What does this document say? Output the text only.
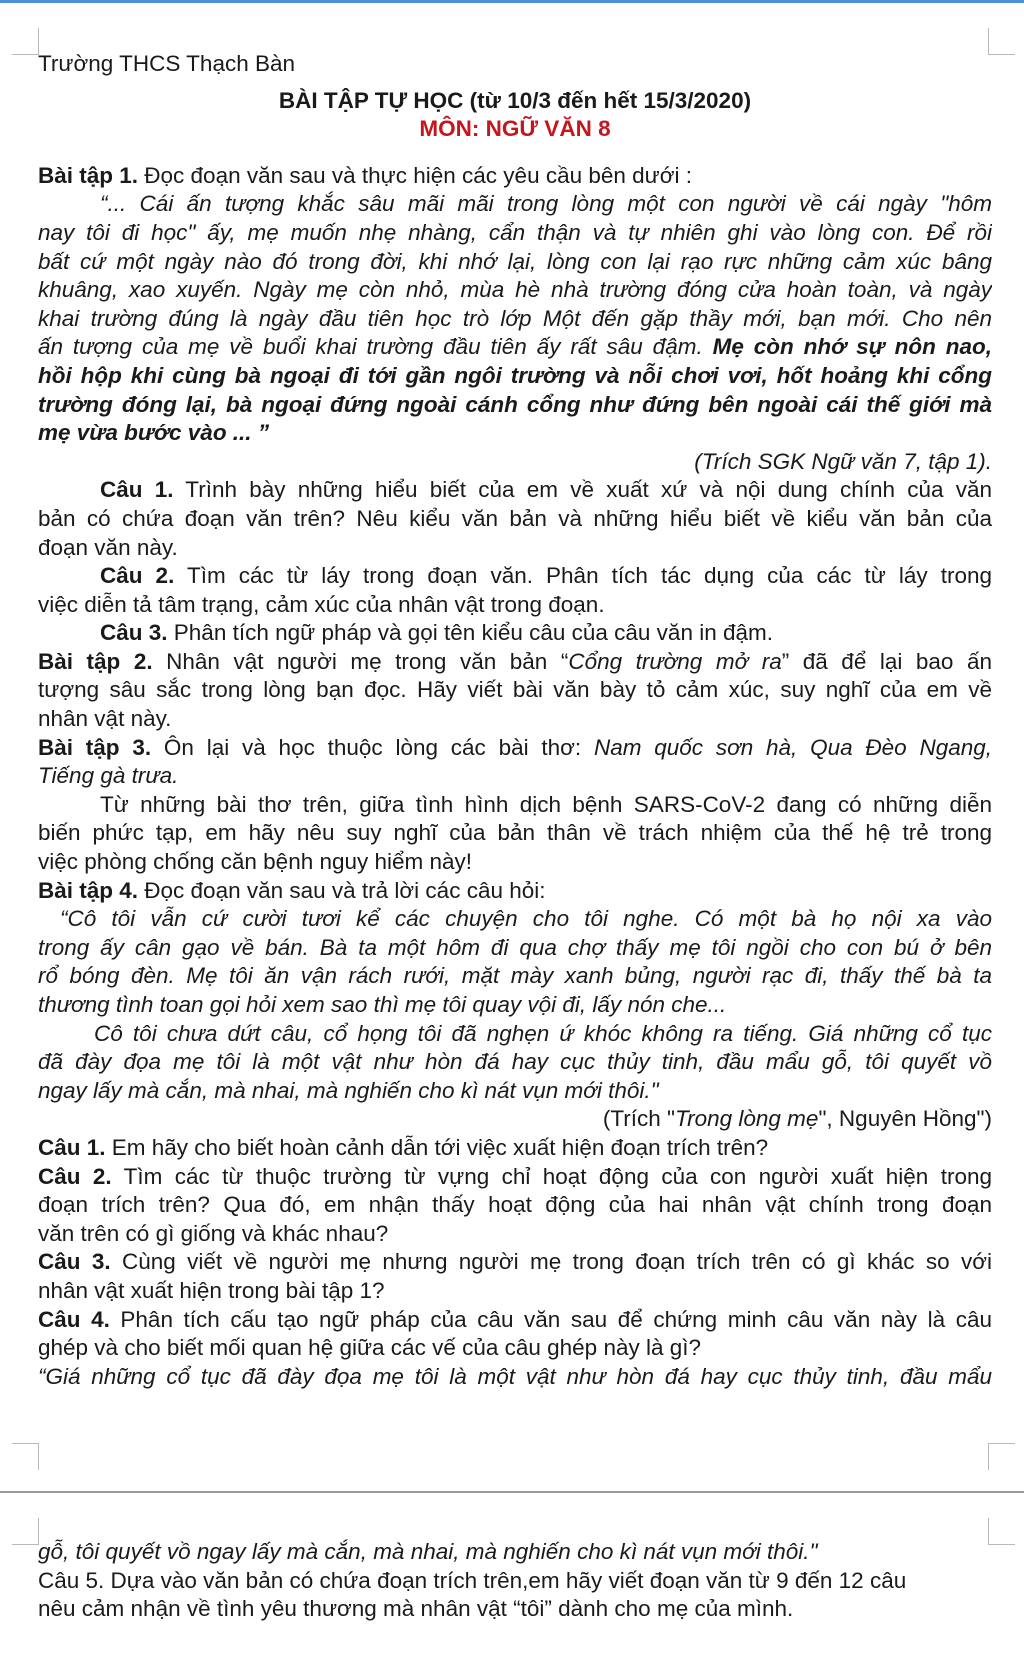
Trường THCS Thạch Bàn
BÀI TẬP TỰ HỌC (từ 10/3 đến hết 15/3/2020)
MÔN: NGỮ VĂN 8
Bài tập 1. Đọc đoạn văn sau và thực hiện các yêu cầu bên dưới :
“... Cái ấn tượng khắc sâu mãi mãi trong lòng một con người về cái ngày "hôm
nay tôi đi học" ấy, mẹ muốn nhẹ nhàng, cẩn thận và tự nhiên ghi vào lòng con. Để rồi
bất cứ một ngày nào đó trong đời, khi nhớ lại, lòng con lại rạo rực những cảm xúc bâng
khuâng, xao xuyến. Ngày mẹ còn nhỏ, mùa hè nhà trường đóng cửa hoàn toàn, và ngày
khai trường đúng là ngày đầu tiên học trò lớp Một đến gặp thầy mới, bạn mới. Cho nên
ấn tượng của mẹ về buổi khai trường đầu tiên ấy rất sâu đậm. Mẹ còn nhớ sự nôn nao,
hồi hộp khi cùng bà ngoại đi tới gần ngôi trường và nỗi chơi vơi, hốt hoảng khi cổng
trường đóng lại, bà ngoại đứng ngoài cánh cổng như đứng bên ngoài cái thế giới mà
mẹ vừa bước vào ... ”
(Trích SGK Ngữ văn 7, tập 1).
Câu 1. Trình bày những hiểu biết của em về xuất xứ và nội dung chính của văn
bản có chứa đoạn văn trên? Nêu kiểu văn bản và những hiểu biết về kiểu văn bản của
đoạn văn này.
Câu 2. Tìm các từ láy trong đoạn văn. Phân tích tác dụng của các từ láy trong
việc diễn tả tâm trạng, cảm xúc của nhân vật trong đoạn.
Câu 3. Phân tích ngữ pháp và gọi tên kiểu câu của câu văn in đậm.
Bài tập 2. Nhân vật người mẹ trong văn bản “Cổng trường mở ra” đã để lại bao ấn
tượng sâu sắc trong lòng bạn đọc. Hãy viết bài văn bày tỏ cảm xúc, suy nghĩ của em về
nhân vật này.
Bài tập 3. Ôn lại và học thuộc lòng các bài thơ: Nam quốc sơn hà, Qua Đèo Ngang,
Tiếng gà trưa.
Từ những bài thơ trên, giữa tình hình dịch bệnh SARS-CoV-2 đang có những diễn
biến phức tạp, em hãy nêu suy nghĩ của bản thân về trách nhiệm của thế hệ trẻ trong
việc phòng chống căn bệnh nguy hiểm này!
Bài tập 4. Đọc đoạn văn sau và trả lời các câu hỏi:
“Cô tôi vẫn cứ cười tươi kể các chuyện cho tôi nghe. Có một bà họ nội xa vào
trong ấy cân gạo về bán. Bà ta một hôm đi qua chợ thấy mẹ tôi ngồi cho con bú ở bên
rổ bóng đèn. Mẹ tôi ăn vận rách rưới, mặt mày xanh bủng, người rạc đi, thấy thế bà ta
thương tình toan gọi hỏi xem sao thì mẹ tôi quay vội đi, lấy nón che...
Cô tôi chưa dứt câu, cổ họng tôi đã nghẹn ứ khóc không ra tiếng. Giá những cổ tục
đã đày đọa mẹ tôi là một vật như hòn đá hay cục thủy tinh, đầu mẩu gỗ, tôi quyết vồ
ngay lấy mà cắn, mà nhai, mà nghiến cho kì nát vụn mới thôi."
(Trích "Trong lòng mẹ", Nguyên Hồng")
Câu 1. Em hãy cho biết hoàn cảnh dẫn tới việc xuất hiện đoạn trích trên?
Câu 2. Tìm các từ thuộc trường từ vựng chỉ hoạt động của con người xuất hiện trong
đoạn trích trên? Qua đó, em nhận thấy hoạt động của hai nhân vật chính trong đoạn
văn trên có gì giống và khác nhau?
Câu 3. Cùng viết về người mẹ nhưng người mẹ trong đoạn trích trên có gì khác so với
nhân vật xuất hiện trong bài tập 1?
Câu 4. Phân tích cấu tạo ngữ pháp của câu văn sau để chứng minh câu văn này là câu
ghép và cho biết mối quan hệ giữa các vế của câu ghép này là gì?
“Giá những cổ tục đã đày đọa mẹ tôi là một vật như hòn đá hay cục thủy tinh, đầu mẩu
gỗ, tôi quyết vồ ngay lấy mà cắn, mà nhai, mà nghiến cho kì nát vụn mới thôi."
Câu 5. Dựa vào văn bản có chứa đoạn trích trên,em hãy viết đoạn văn từ 9 đến 12 câu
nêu cảm nhận về tình yêu thương mà nhân vật “tôi” dành cho mẹ của mình.
